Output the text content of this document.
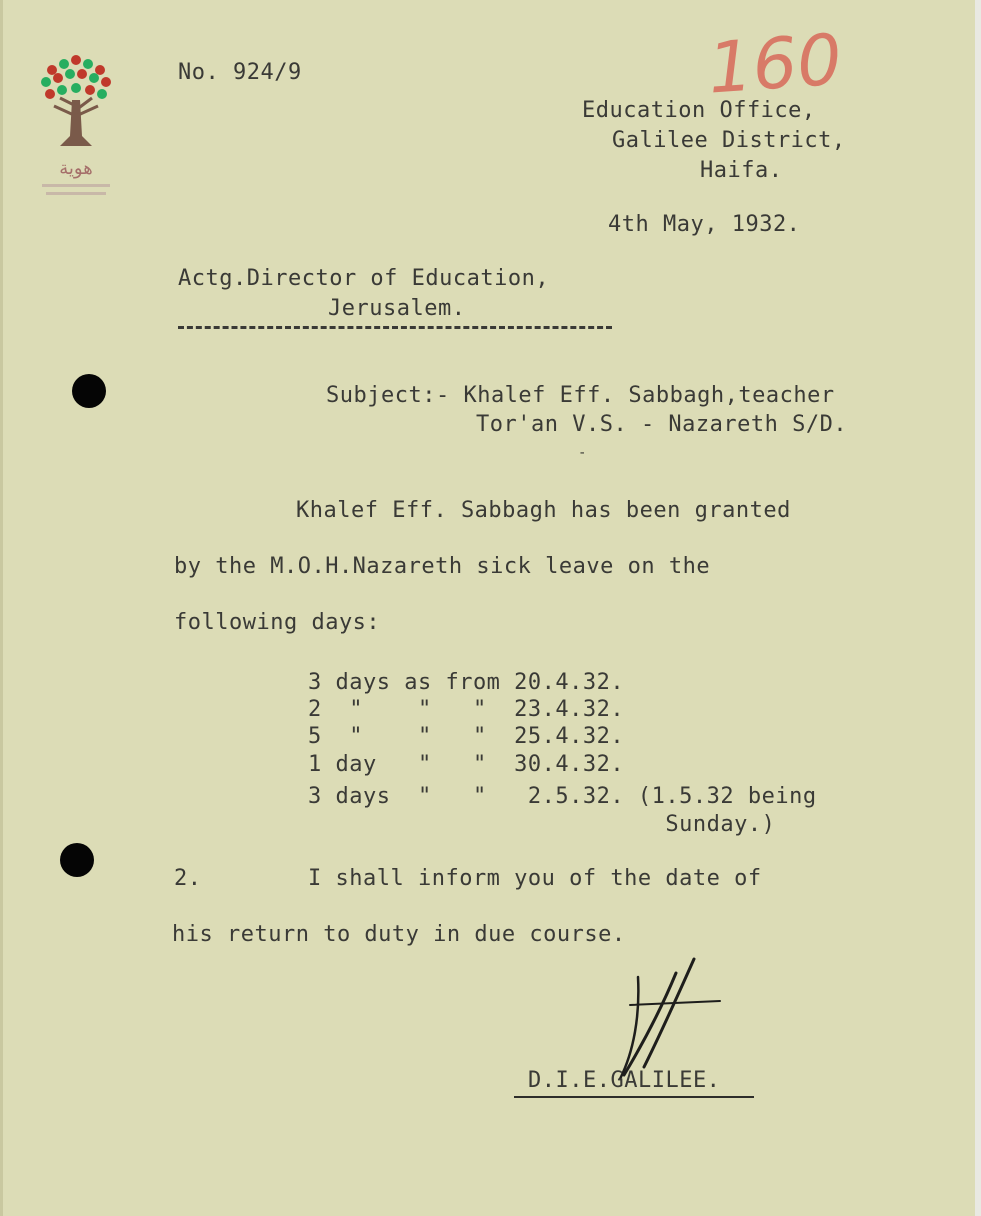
هوية
160
No. 924/9
Education Office,
Galilee District,
Haifa.
4th May, 1932.
Actg.Director of Education,
Jerusalem.
Subject:- Khalef Eff. Sabbagh,teacher
Tor'an V.S. - Nazareth S/D.
-
Khalef Eff. Sabbagh has been granted
by the M.O.H.Nazareth sick leave on the
following days:
3 days as from 20.4.32.
2  "    "   "  23.4.32.
5  "    "   "  25.4.32.
1 day   "   "  30.4.32.
3 days  "   "   2.5.32. (1.5.32 being
Sunday.)
2.	I shall inform you of the date of
his return to duty in due course.
D.I.E.GALILEE.
